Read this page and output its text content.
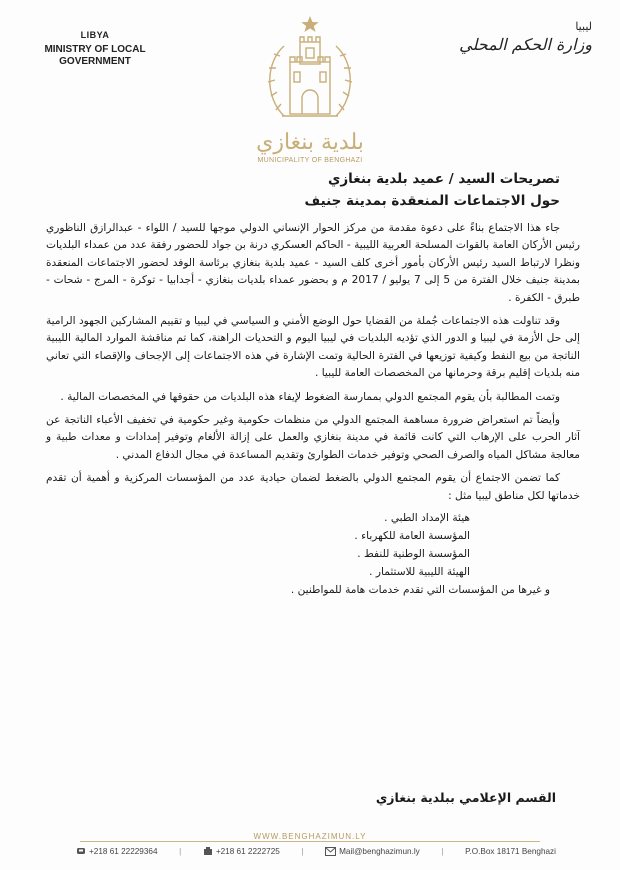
LIBYA
MINISTRY OF LOCAL GOVERNMENT
ليبيا
وزارة الحكم المحلي
بلدية بنغازي
MUNICIPALITY OF BENGHAZI
تصريحات السيد / عميد بلدية بنغازي
حول الاجتماعات المنعقدة بمدينة جنيف

جاء هذا الاجتماع بناءً على دعوة مقدمة من مركز الحوار الإنساني الدولي موجها للسيد / اللواء - عبدالرازق الناظوري رئيس الأركان العامة بالقوات المسلحة العربية الليبية - الحاكم العسكري درنة بن جواد للحضور رفقة عدد من عمداء البلديات ونظرا لارتباط السيد رئيس الأركان بأمور أخرى كلف السيد - عميد بلدية بنغازي برئاسة الوفد لحضور الاجتماعات المنعقدة بمدينة جنيف خلال الفترة من 5 إلى 7 يوليو / 2017 م و بحضور عمداء بلديات بنغازي - أجدابيا - توكرة - المرج - شحات - طبرق - الكفرة .

وقد تناولت هذه الاجتماعات جُملة من القضايا حول الوضع الأمني و السياسي في ليبيا و تقييم المشاركين الجهود الرامية إلى حل الأزمة في ليبيا و الدور الذي تؤديه البلديات في ليبيا اليوم و التحديات الراهنة، كما تم مناقشة الموارد المالية الليبية الناتجة من بيع النفط وكيفية توزيعها في الفترة الحالية وتمت الإشارة في هذه الاجتماعات إلى الإجحاف والإقصاء التي تعاني منه بلديات إقليم برقة وحرمانها من المخصصات العامة لليبيا .

وتمت المطالبة بأن يقوم المجتمع الدولي بممارسة الضغوط لإيفاء هذه البلديات من حقوقها في المخصصات المالية .

وأيضاً تم استعراض ضرورة مساهمة المجتمع الدولي من منظمات حكومية وغير حكومية في تخفيف الأعباء الناتجة عن آثار الحرب على الإرهاب التي كانت قائمة في مدينة بنغازي والعمل على إزالة الألغام وتوفير إمدادات و معدات طبية و معالجة مشاكل المياه والصرف الصحي وتوفير خدمات الطوارئ وتقديم المساعدة في مجال الدفاع المدني .

كما تضمن الاجتماع أن يقوم المجتمع الدولي بالضغط لضمان حيادية عدد من المؤسسات المركزية و أهمية أن تقدم خدماتها لكل مناطق ليبيا مثل :

هيئة الإمداد الطبي .
المؤسسة العامة للكهرباء .
المؤسسة الوطنية للنفط .
الهيئة الليبية للاستثمار .
و غيرها من المؤسسات التي تقدم خدمات هامة للمواطنين .
القسم الإعلامي ببلدية بنغازي
WWW.BENGHAZIMUN.LY
+218 61 22229364	|	+218 61 2222725	|	Mail@benghazimun.ly	|	P.O.Box 18171 Benghazi
